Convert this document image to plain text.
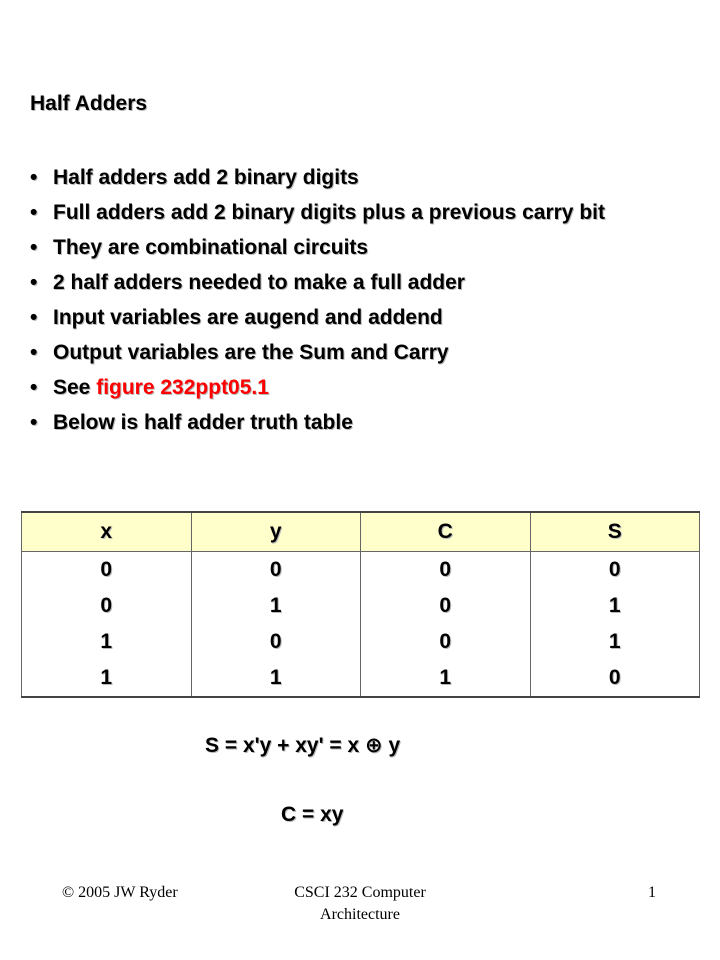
Half Adders
• Half adders add 2 binary digits
• Full adders add 2 binary digits plus a previous carry bit
• They are combinational circuits
• 2 half adders needed to make a full adder
• Input variables are augend and addend
• Output variables are the Sum and Carry
• See figure 232ppt05.1
• Below is half adder truth table
x	y	C	S
0	0	0	0
0	1	0	1
1	0	0	1
1	1	1	0
S = x'y + xy' = x ⊕ y
C = xy
© 2005 JW Ryder	CSCI 232 Computer Architecture
1
